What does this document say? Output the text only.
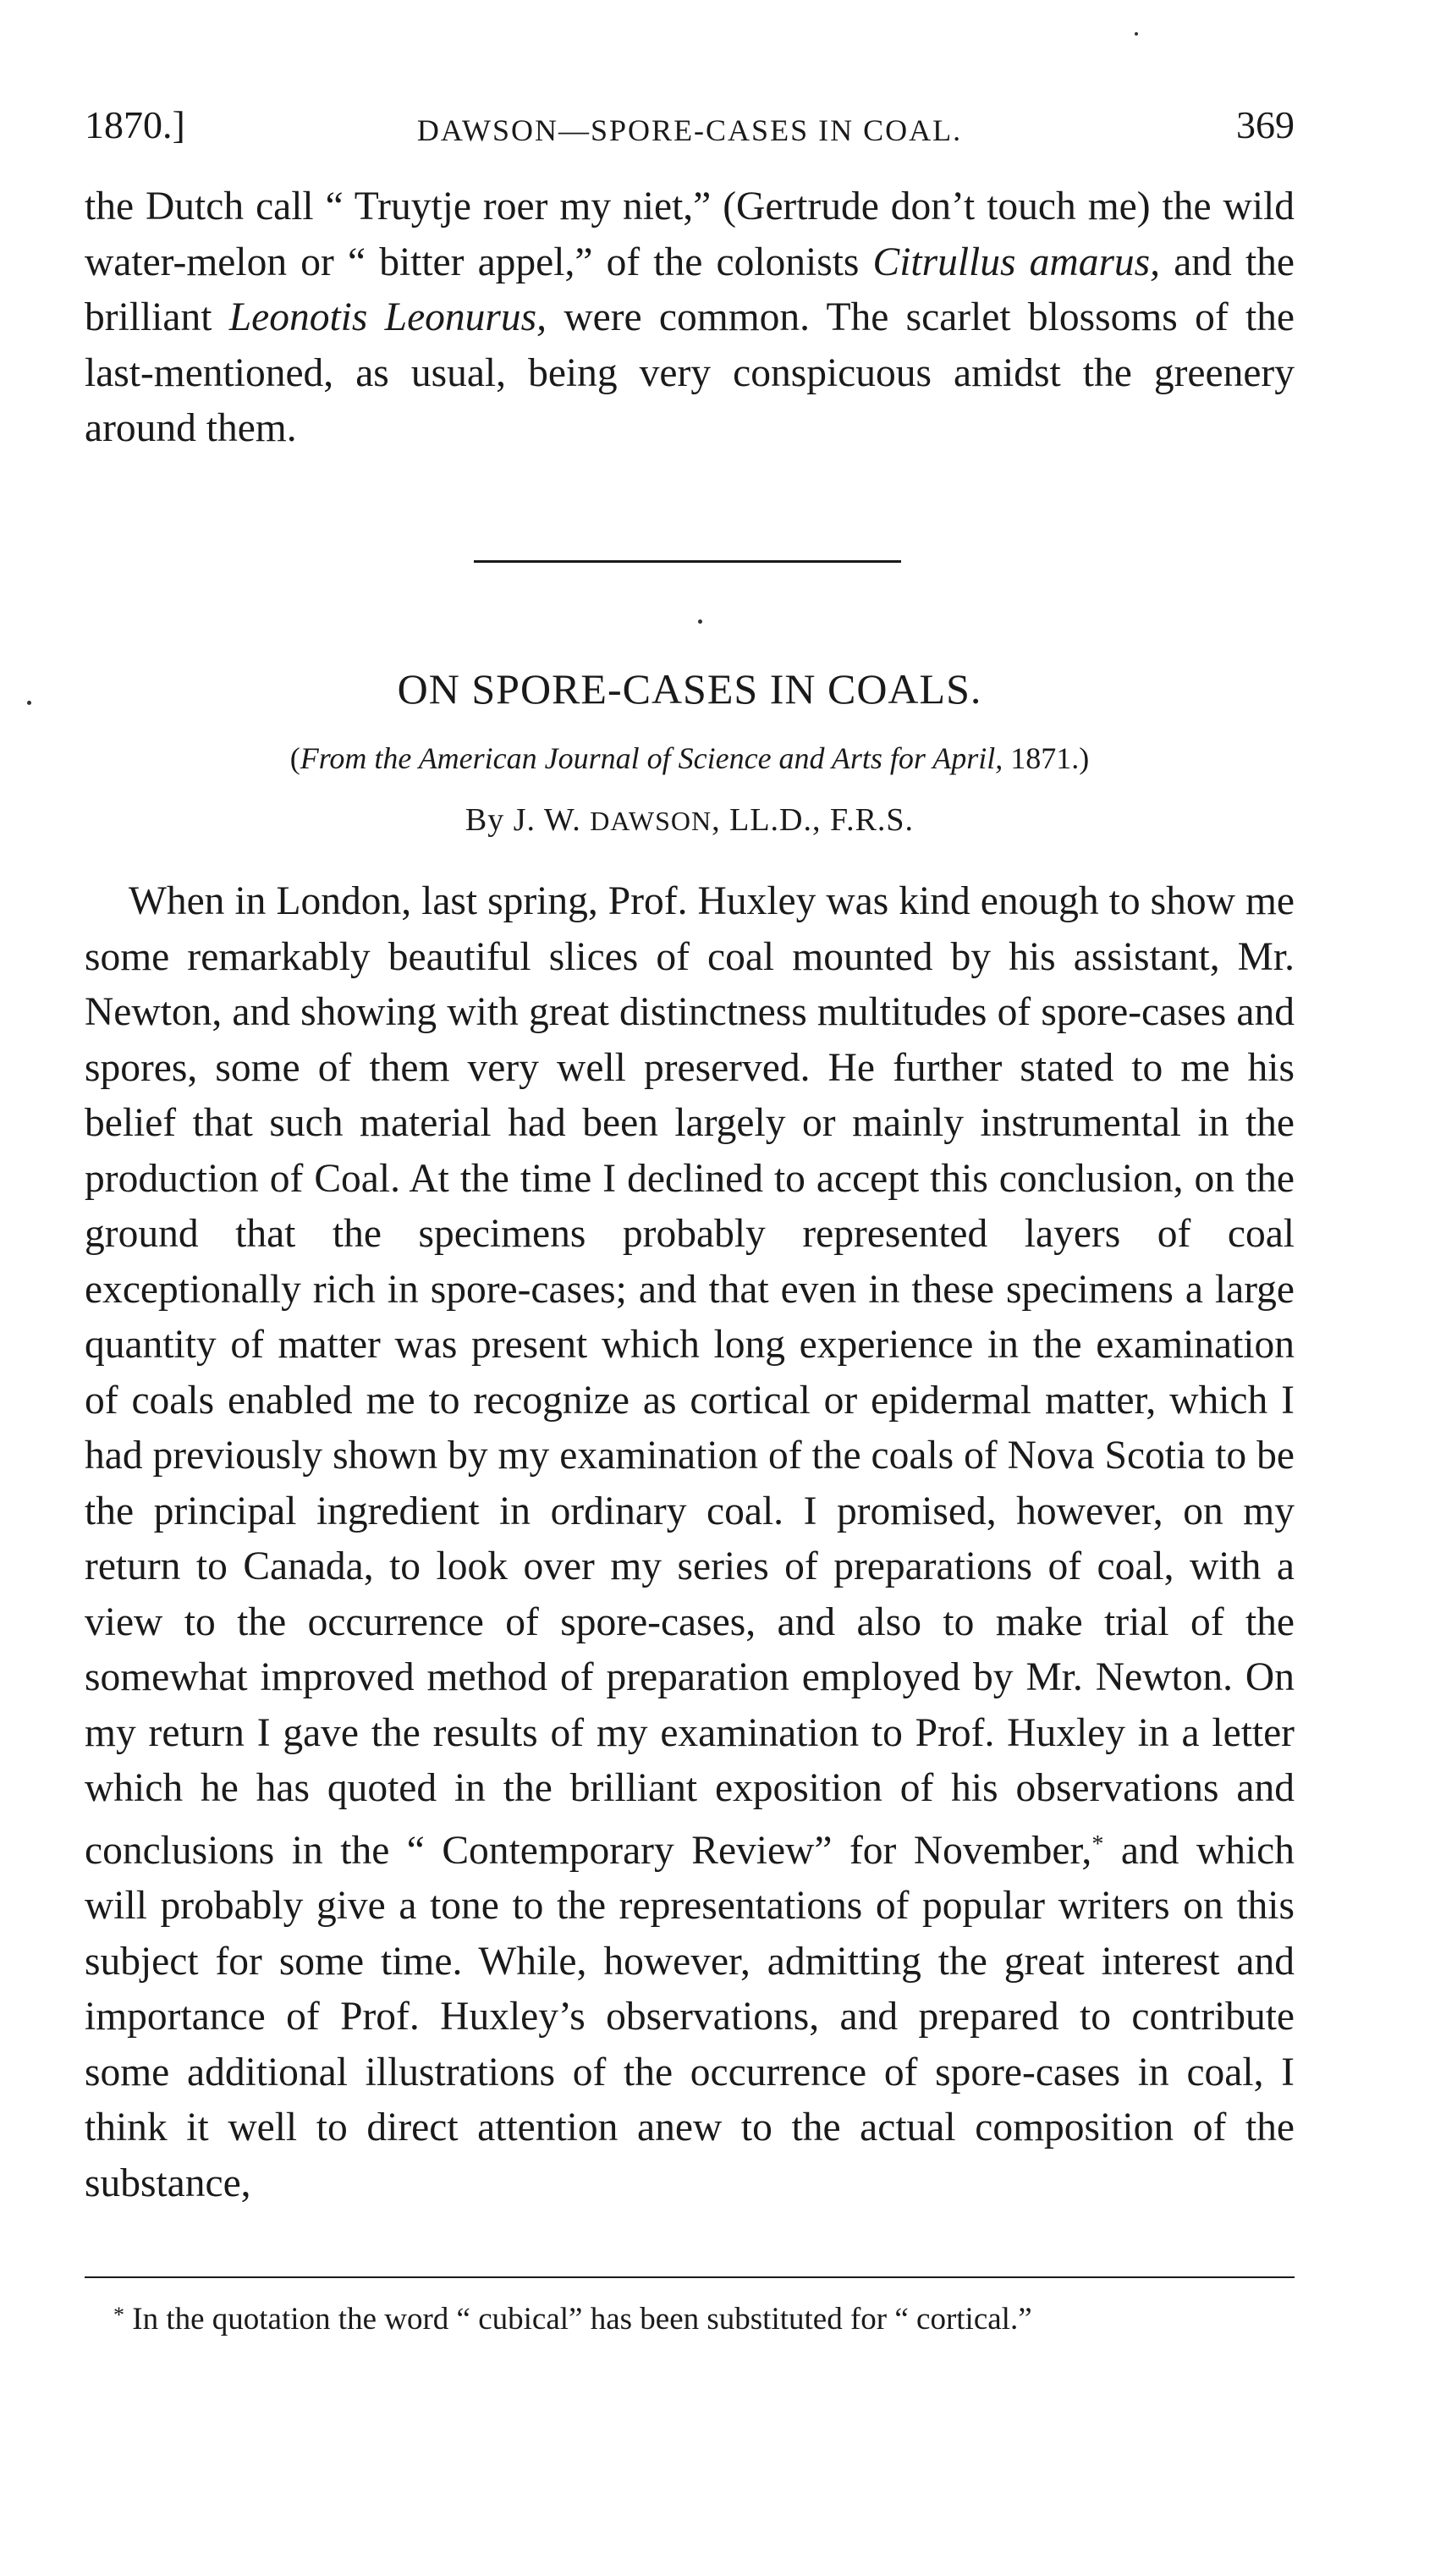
1870.]	DAWSON—SPORE-CASES IN COAL.	369

the Dutch call “ Truytje roer my niet,” (Gertrude don’t touch me) the wild water-melon or “ bitter appel,” of the colonists Citrullus amarus, and the brilliant Leonotis Leonurus, were common. The scarlet blossoms of the last-mentioned, as usual, being very conspicuous amidst the greenery around them.

ON SPORE-CASES IN COALS.
(From the American Journal of Science and Arts for April, 1871.)
By J. W. DAWSON, LL.D., F.R.S.

When in London, last spring, Prof. Huxley was kind enough to show me some remarkably beautiful slices of coal mounted by his assistant, Mr. Newton, and showing with great distinctness multitudes of spore-cases and spores, some of them very well preserved. He further stated to me his belief that such material had been largely or mainly instrumental in the production of Coal. At the time I declined to accept this conclusion, on the ground that the specimens probably represented layers of coal exceptionally rich in spore-cases; and that even in these specimens a large quantity of matter was present which long experience in the examination of coals enabled me to recognize as cortical or epidermal matter, which I had previously shown by my examination of the coals of Nova Scotia to be the principal ingredient in ordinary coal. I promised, however, on my return to Canada, to look over my series of preparations of coal, with a view to the occurrence of spore-cases, and also to make trial of the somewhat improved method of preparation employed by Mr. Newton. On my return I gave the results of my examination to Prof. Huxley in a letter which he has quoted in the brilliant exposition of his observations and conclusions in the “ Contemporary Review” for November,* and which will probably give a tone to the representations of popular writers on this subject for some time. While, however, admitting the great interest and importance of Prof. Huxley’s observations, and prepared to contribute some additional illustrations of the occurrence of spore-cases in coal, I think it well to direct attention anew to the actual composition of the substance,

* In the quotation the word “ cubical” has been substituted for “ cortical.”
